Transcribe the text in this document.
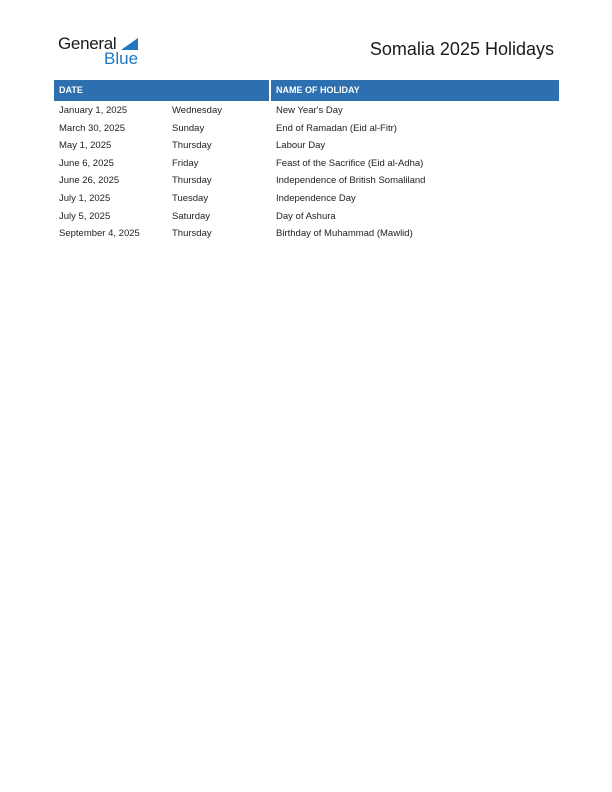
General
Blue	Somalia 2025 Holidays
DATE	NAME OF HOLIDAY
January 1, 2025	Wednesday	New Year's Day
March 30, 2025	Sunday	End of Ramadan (Eid al-Fitr)
May 1, 2025	Thursday	Labour Day
June 6, 2025	Friday	Feast of the Sacrifice (Eid al-Adha)
June 26, 2025	Thursday	Independence of British Somaliland
July 1, 2025	Tuesday	Independence Day
July 5, 2025	Saturday	Day of Ashura
September 4, 2025	Thursday	Birthday of Muhammad (Mawlid)
